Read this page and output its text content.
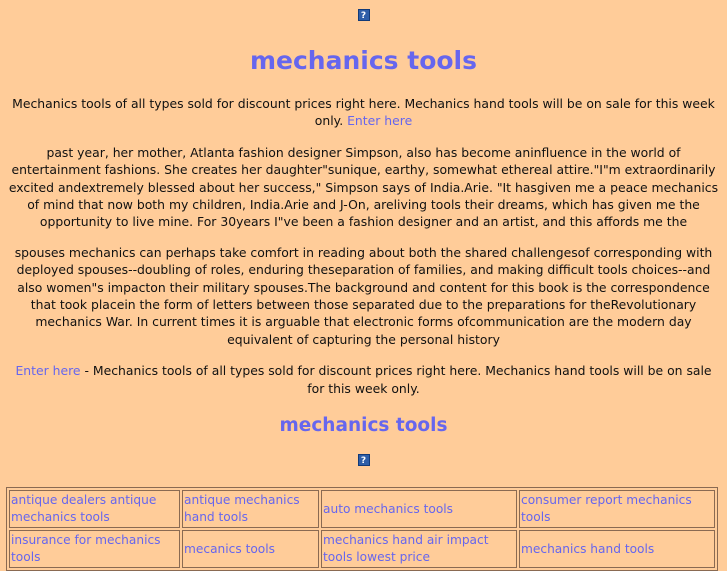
?
mechanics tools

Mechanics tools of all types sold for discount prices right here. Mechanics hand tools will be on sale for this week only. Enter here

past year, her mother, Atlanta fashion designer Simpson, also has become aninfluence in the world of entertainment fashions. She creates her daughter"sunique, earthy, somewhat ethereal attire."I"m extraordinarily excited andextremely blessed about her success," Simpson says of India.Arie. "It hasgiven me a peace mechanics of mind that now both my children, India.Arie and J-On, areliving tools their dreams, which has given me the opportunity to live mine. For 30years I"ve been a fashion designer and an artist, and this affords me the

spouses mechanics can perhaps take comfort in reading about both the shared challengesof corresponding with deployed spouses--doubling of roles, enduring theseparation of families, and making difficult tools choices--and also women"s impacton their military spouses.The background and content for this book is the correspondence that took placein the form of letters between those separated due to the preparations for theRevolutionary mechanics War. In current times it is arguable that electronic forms ofcommunication are the modern day equivalent of capturing the personal history

Enter here - Mechanics tools of all types sold for discount prices right here. Mechanics hand tools will be on sale for this week only.

mechanics tools
?
antique dealers antique mechanics tools	antique mechanics hand tools	auto mechanics tools	consumer report mechanics tools
insurance for mechanics tools	mecanics tools	mechanics hand air impact tools lowest price	mechanics hand tools
